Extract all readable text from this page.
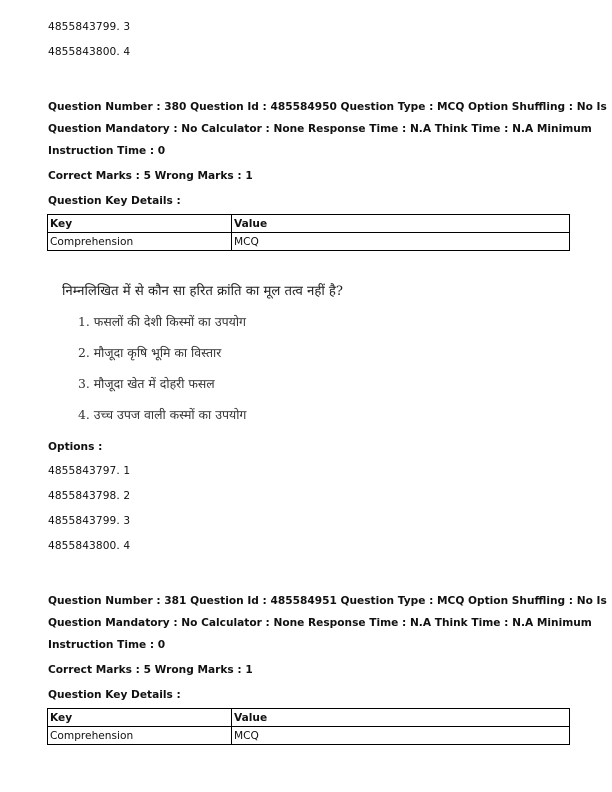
4855843799. 3
4855843800. 4
Question Number : 380 Question Id : 485584950 Question Type : MCQ Option Shuffling : No Is
Question Mandatory : No Calculator : None Response Time : N.A Think Time : N.A Minimum
Instruction Time : 0
Correct Marks : 5 Wrong Marks : 1
Question Key Details :
Key	Value
Comprehension	MCQ
निम्नलिखित में से कौन सा हरित क्रांति का मूल तत्व नहीं है?
1. फसलों की देशी किस्मों का उपयोग
2. मौजूदा कृषि भूमि का विस्तार
3. मौजूदा खेत में दोहरी फसल
4. उच्च उपज वाली कस्मों का उपयोग
Options :
4855843797. 1
4855843798. 2
4855843799. 3
4855843800. 4
Question Number : 381 Question Id : 485584951 Question Type : MCQ Option Shuffling : No Is
Question Mandatory : No Calculator : None Response Time : N.A Think Time : N.A Minimum
Instruction Time : 0
Correct Marks : 5 Wrong Marks : 1
Question Key Details :
Key	Value
Comprehension	MCQ
